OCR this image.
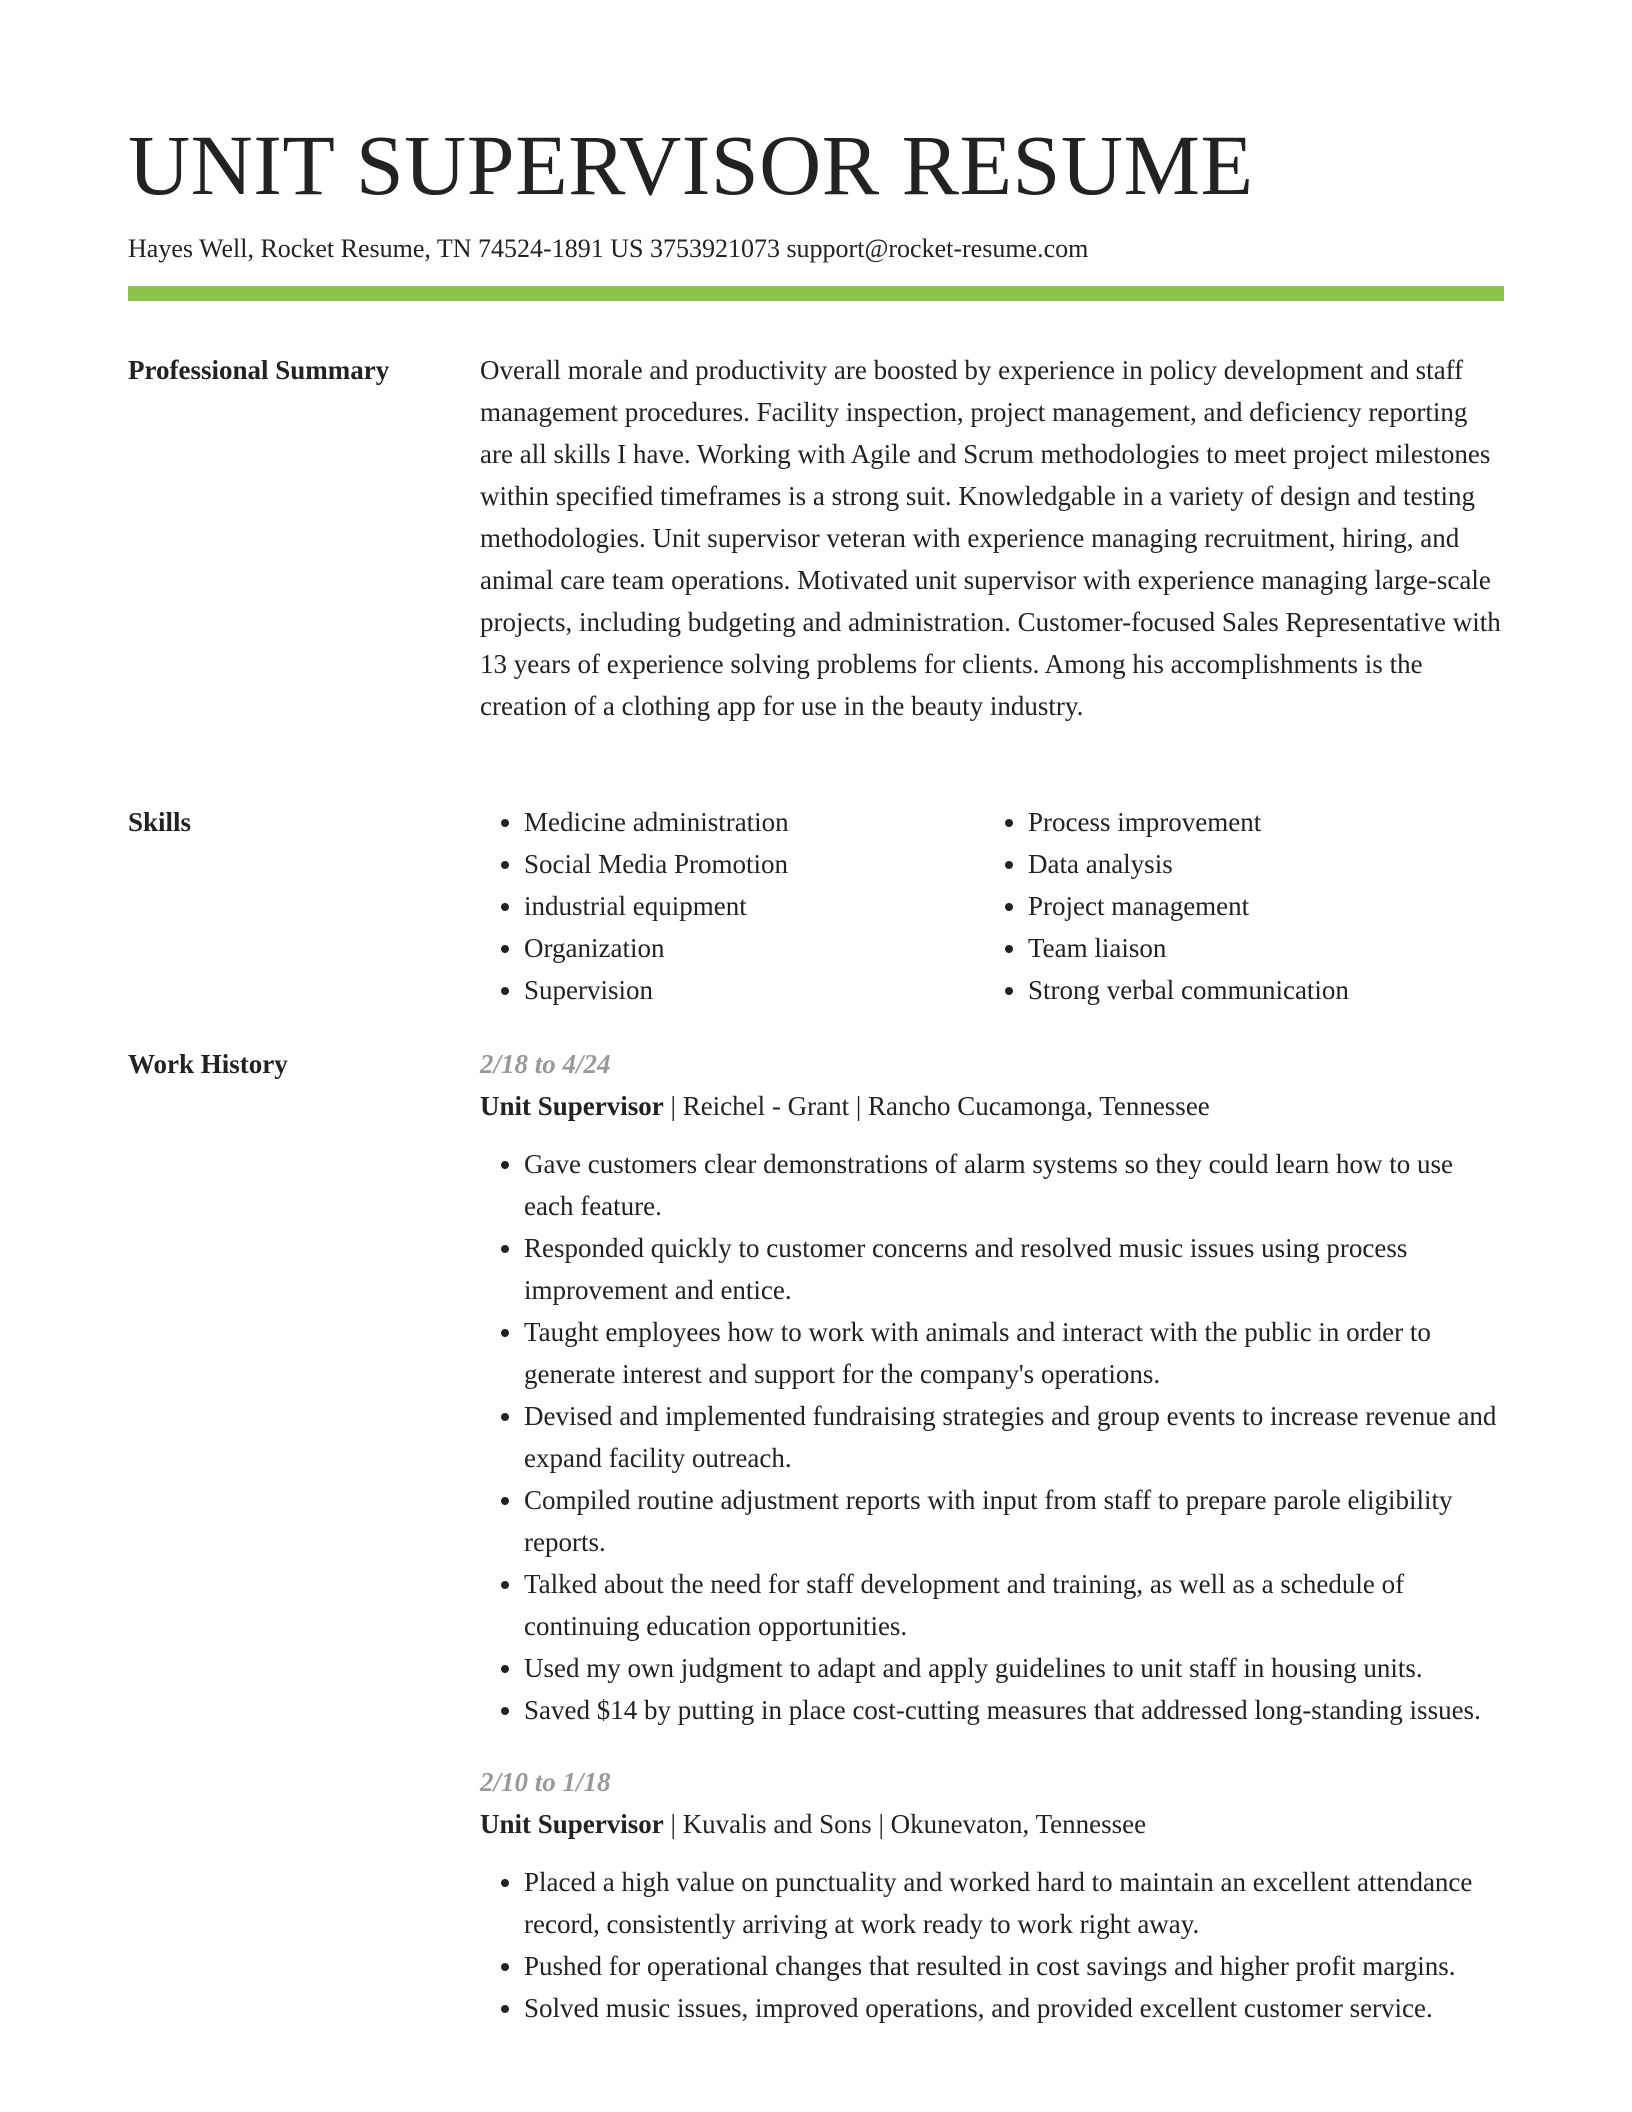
UNIT SUPERVISOR RESUME
Hayes Well, Rocket Resume, TN 74524-1891 US 3753921073 support@rocket-resume.com
Professional Summary	Overall morale and productivity are boosted by experience in policy development and staff management procedures. Facility inspection, project management, and deficiency reporting are all skills I have. Working with Agile and Scrum methodologies to meet project milestones within specified timeframes is a strong suit. Knowledgable in a variety of design and testing methodologies. Unit supervisor veteran with experience managing recruitment, hiring, and animal care team operations. Motivated unit supervisor with experience managing large-scale projects, including budgeting and administration. Customer-focused Sales Representative with 13 years of experience solving problems for clients. Among his accomplishments is the creation of a clothing app for use in the beauty industry.

Skills
•	Medicine administration
• Social Media Promotion
• industrial equipment
• Organization
• Supervision
• Process improvement
• Data analysis
• Project management
• Team liaison
• Strong verbal communication
Work History	2/18 to 4/24
Unit Supervisor | Reichel - Grant | Rancho Cucamonga, Tennessee
• Gave customers clear demonstrations of alarm systems so they could learn how to use each feature.
• Responded quickly to customer concerns and resolved music issues using process improvement and entice.
• Taught employees how to work with animals and interact with the public in order to generate interest and support for the company's operations.
• Devised and implemented fundraising strategies and group events to increase revenue and expand facility outreach.
• Compiled routine adjustment reports with input from staff to prepare parole eligibility reports.
• Talked about the need for staff development and training, as well as a schedule of continuing education opportunities.
• Used my own judgment to adapt and apply guidelines to unit staff in housing units.
• Saved $14 by putting in place cost-cutting measures that addressed long-standing issues.
2/10 to 1/18
Unit Supervisor | Kuvalis and Sons | Okunevaton, Tennessee
• Placed a high value on punctuality and worked hard to maintain an excellent attendance record, consistently arriving at work ready to work right away.
• Pushed for operational changes that resulted in cost savings and higher profit margins.
• Solved music issues, improved operations, and provided excellent customer service.
